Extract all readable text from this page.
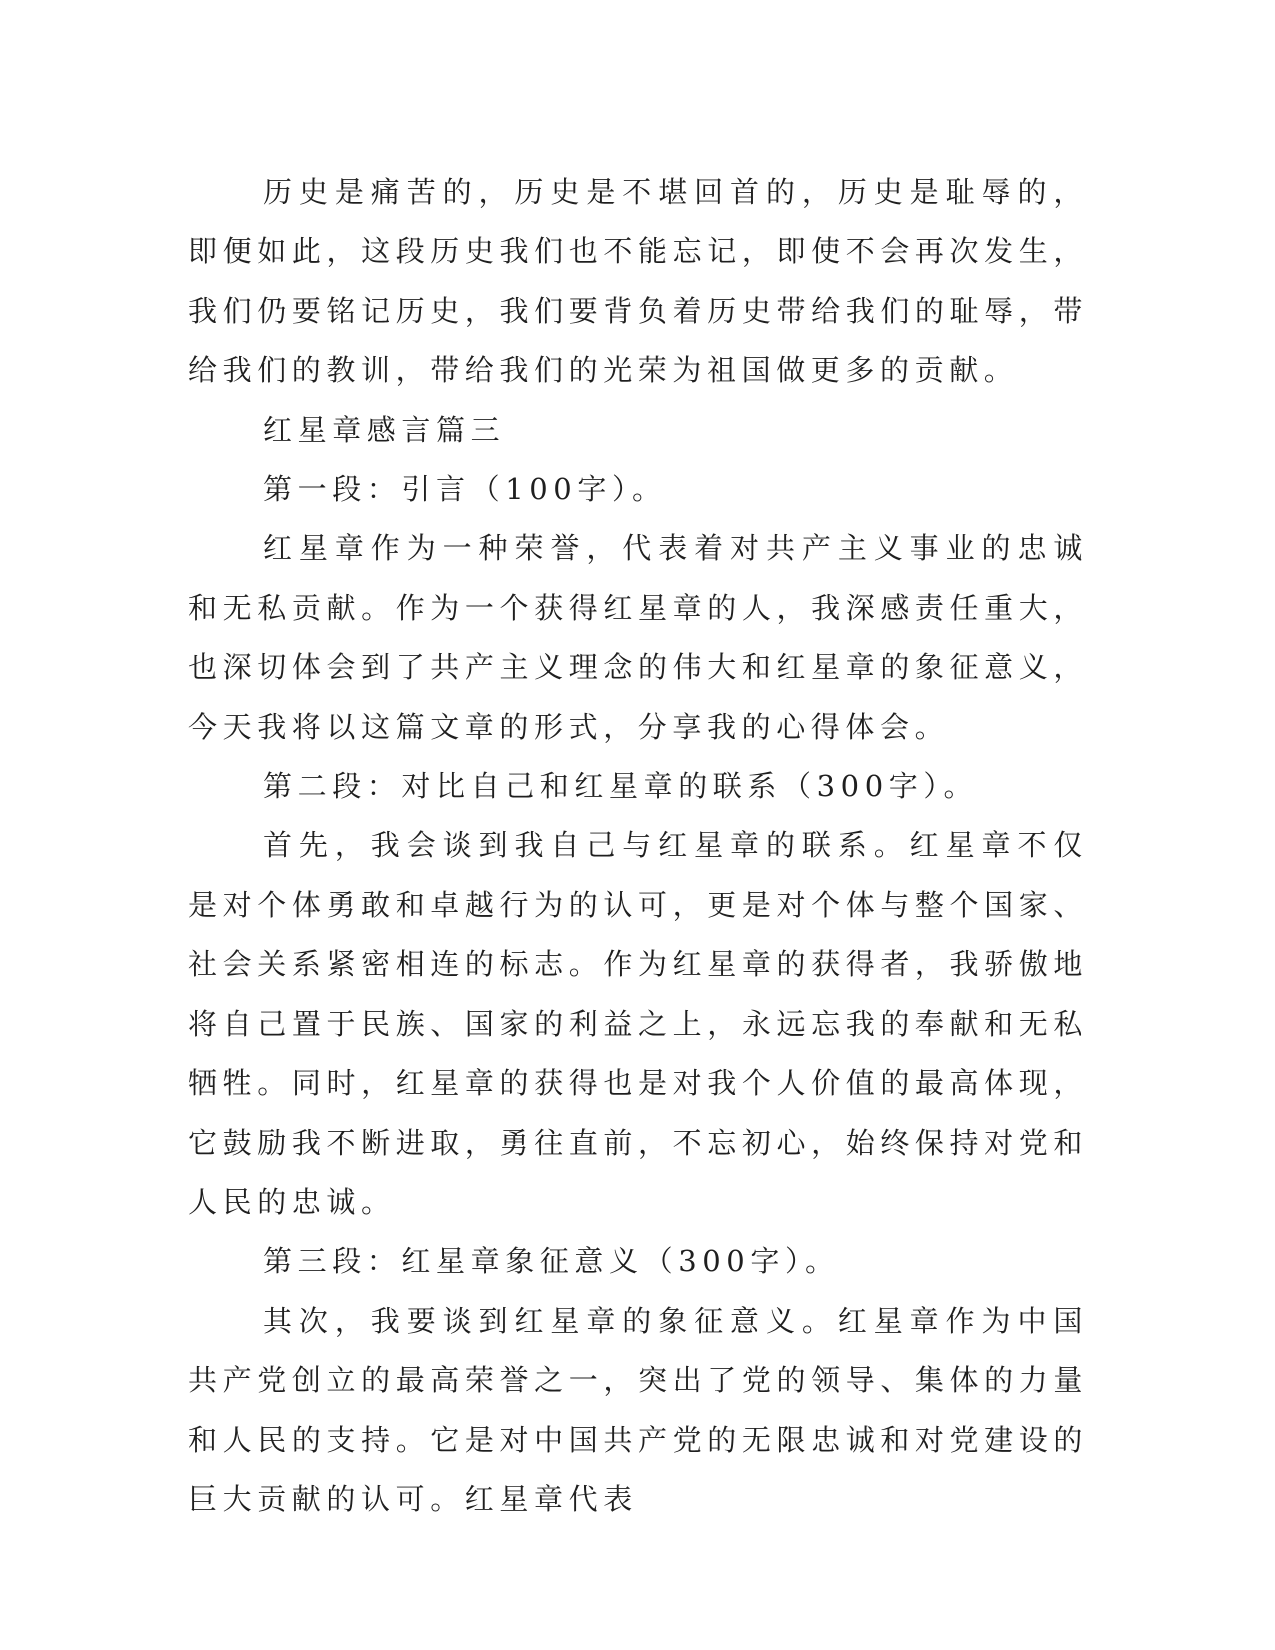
历史是痛苦的，历史是不堪回首的，历史是耻辱的，即便如此，这段历史我们也不能忘记，即使不会再次发生，我们仍要铭记历史，我们要背负着历史带给我们的耻辱，带给我们的教训，带给我们的光荣为祖国做更多的贡献。

红星章感言篇三

第一段：引言（100字）。

红星章作为一种荣誉，代表着对共产主义事业的忠诚和无私贡献。作为一个获得红星章的人，我深感责任重大，也深切体会到了共产主义理念的伟大和红星章的象征意义，今天我将以这篇文章的形式，分享我的心得体会。

第二段：对比自己和红星章的联系（300字）。

首先，我会谈到我自己与红星章的联系。红星章不仅是对个体勇敢和卓越行为的认可，更是对个体与整个国家、社会关系紧密相连的标志。作为红星章的获得者，我骄傲地将自己置于民族、国家的利益之上，永远忘我的奉献和无私牺牲。同时，红星章的获得也是对我个人价值的最高体现，它鼓励我不断进取，勇往直前，不忘初心，始终保持对党和人民的忠诚。

第三段：红星章象征意义（300字）。

其次，我要谈到红星章的象征意义。红星章作为中国共产党创立的最高荣誉之一，突出了党的领导、集体的力量和人民的支持。它是对中国共产党的无限忠诚和对党建设的巨大贡献的认可。红星章代表
